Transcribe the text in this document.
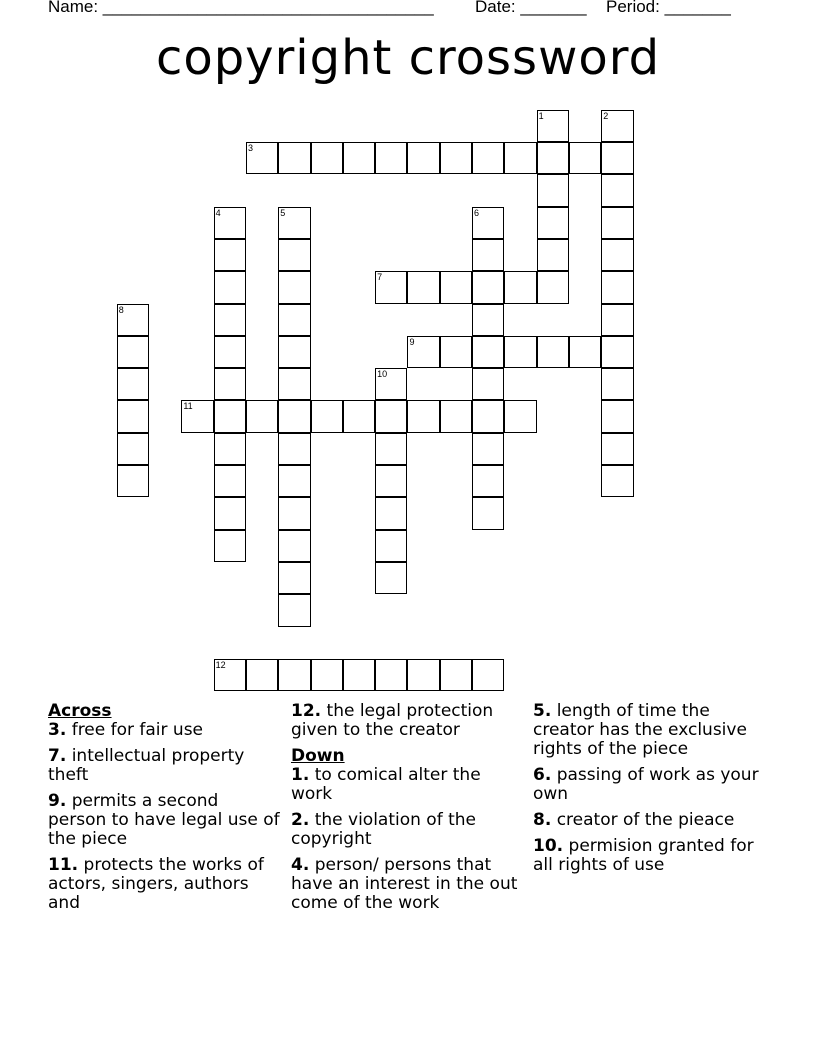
Name: ___________________________________ Date: _______ Period: _______
copyright crossword
1	2
3
4	5	6
7
8
9
10
11
12
Across
3. free for fair use
7. intellectual property theft
9. permits a second person to have legal use of the piece
11. protects the works of actors, singers, authors and
12. the legal protection given to the creator
Down
1. to comical alter the work
2. the violation of the copyright
4. person/ persons that have an interest in the out come of the work
5. length of time the creator has the exclusive rights of the piece
6. passing of work as your own
8. creator of the pieace
10. permision granted for all rights of use
